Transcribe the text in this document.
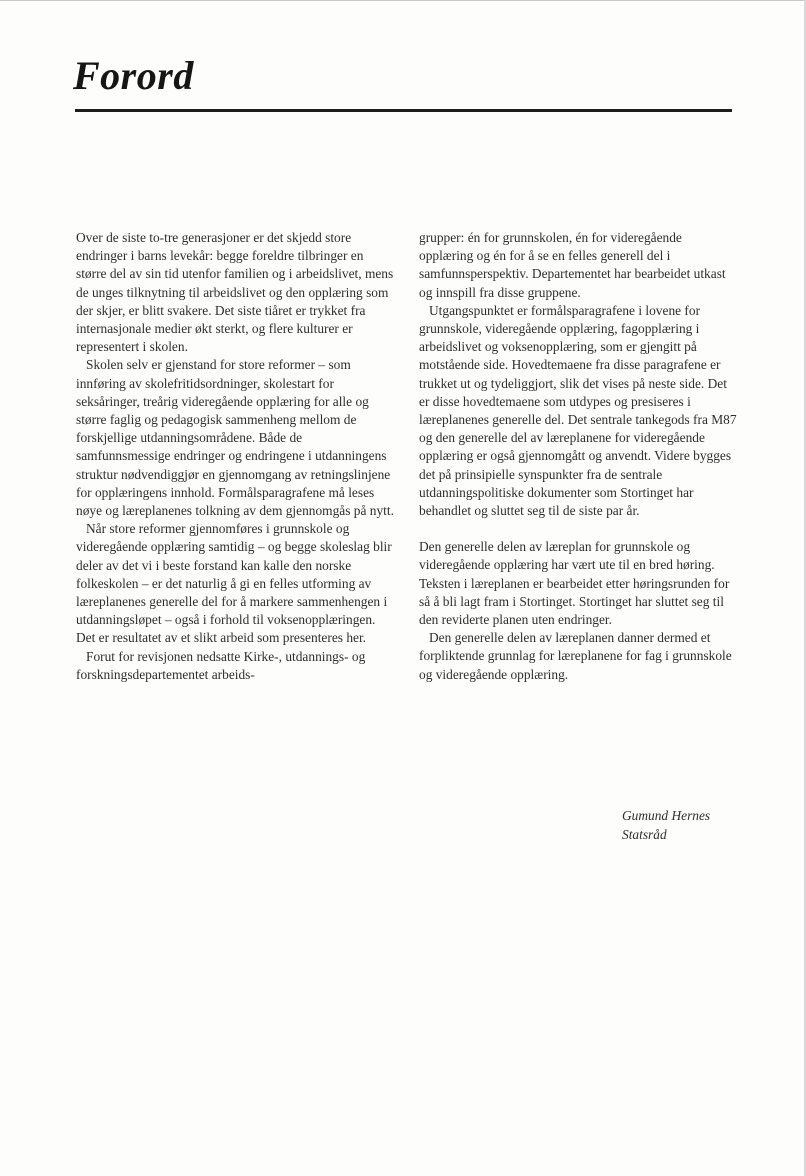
Forord

Over de siste to-tre generasjoner er det skjedd store endringer i barns levekår: begge foreldre tilbringer en større del av sin tid utenfor familien og i arbeidslivet, mens de unges tilknytning til arbeidslivet og den opplæring som der skjer, er blitt svakere. Det siste tiåret er trykket fra internasjonale medier økt sterkt, og flere kulturer er representert i skolen.

Skolen selv er gjenstand for store reformer – som innføring av skolefritidsordninger, skolestart for seksåringer, treårig videregående opplæring for alle og større faglig og pedagogisk sammenheng mellom de forskjellige utdanningsområdene. Både de samfunnsmessige endringer og endringene i utdanningens struktur nødvendiggjør en gjennomgang av retningslinjene for opplæringens innhold. Formålsparagrafene må leses nøye og læreplanenes tolkning av dem gjennomgås på nytt.

Når store reformer gjennomføres i grunnskole og videregående opplæring samtidig – og begge skoleslag blir deler av det vi i beste forstand kan kalle den norske folkeskolen – er det naturlig å gi en felles utforming av læreplanenes generelle del for å markere sammenhengen i utdanningsløpet – også i forhold til voksenopplæringen. Det er resultatet av et slikt arbeid som presenteres her.

Forut for revisjonen nedsatte Kirke-, utdannings- og forskningsdepartementet arbeids-

grupper: én for grunnskolen, én for videregående opplæring og én for å se en felles generell del i samfunnsperspektiv. Departementet har bearbeidet utkast og innspill fra disse gruppene.

Utgangspunktet er formålsparagrafene i lovene for grunnskole, videregående opplæring, fagopplæring i arbeidslivet og voksenopplæring, som er gjengitt på motstående side. Hovedtemaene fra disse paragrafene er trukket ut og tydeliggjort, slik det vises på neste side. Det er disse hovedtemaene som utdypes og presiseres i læreplanenes generelle del. Det sentrale tankegods fra M87 og den generelle del av læreplanene for videregående opplæring er også gjennomgått og anvendt. Videre bygges det på prinsipielle synspunkter fra de sentrale utdanningspolitiske dokumenter som Stortinget har behandlet og sluttet seg til de siste par år.

Den generelle delen av læreplan for grunnskole og videregående opplæring har vært ute til en bred høring. Teksten i læreplanen er bearbeidet etter høringsrunden for så å bli lagt fram i Stortinget. Stortinget har sluttet seg til den reviderte planen uten endringer.

Den generelle delen av læreplanen danner dermed et forpliktende grunnlag for læreplanene for fag i grunnskole og videregående opplæring.

Gumund Hernes
Statsråd
